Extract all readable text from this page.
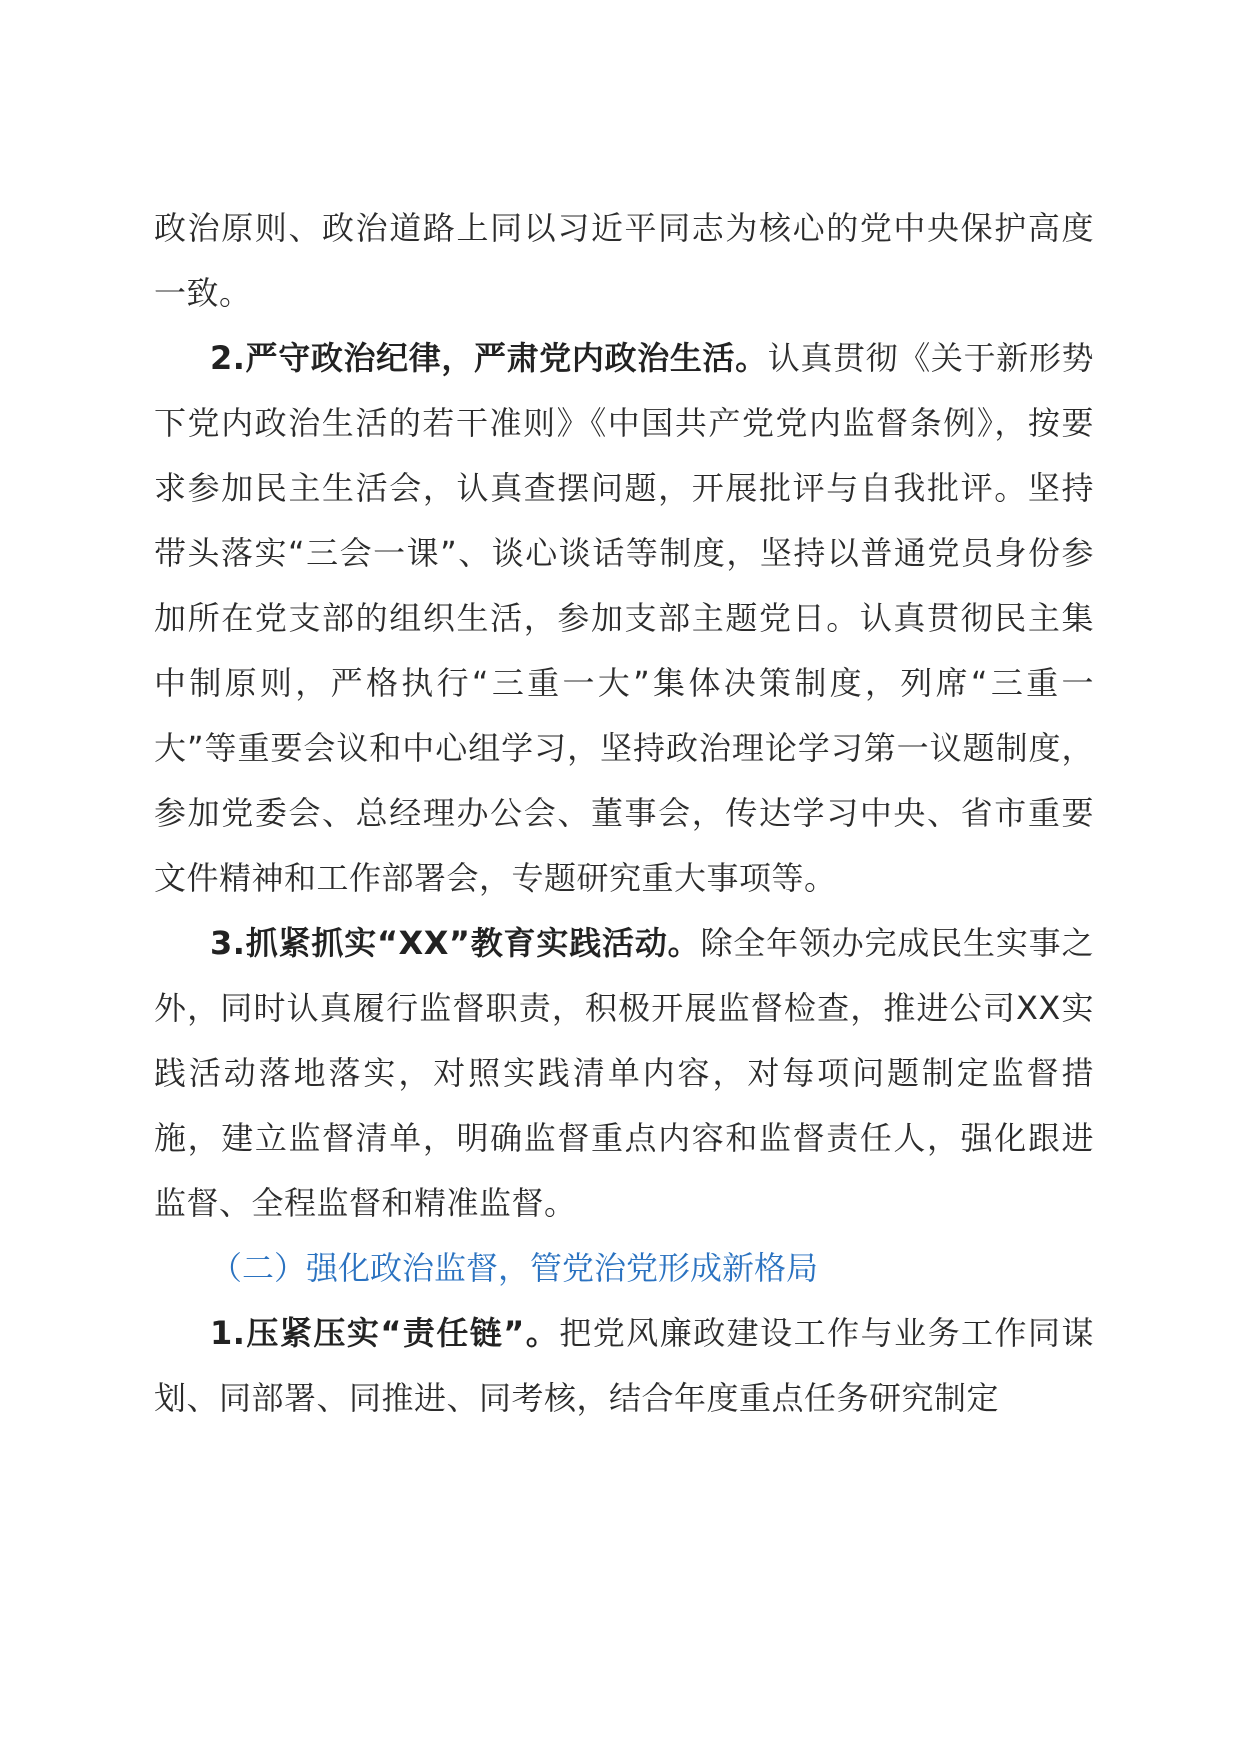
政治原则、政治道路上同以习近平同志为核心的党中央保护高度一致。

2.严守政治纪律，严肃党内政治生活。认真贯彻《关于新形势下党内政治生活的若干准则》《中国共产党党内监督条例》，按要求参加民主生活会，认真查摆问题，开展批评与自我批评。坚持带头落实“三会一课”、谈心谈话等制度，坚持以普通党员身份参加所在党支部的组织生活，参加支部主题党日。认真贯彻民主集中制原则，严格执行“三重一大”集体决策制度，列席“三重一大”等重要会议和中心组学习，坚持政治理论学习第一议题制度，参加党委会、总经理办公会、董事会，传达学习中央、省市重要文件精神和工作部署会，专题研究重大事项等。

3.抓紧抓实“XX”教育实践活动。除全年领办完成民生实事之外，同时认真履行监督职责，积极开展监督检查，推进公司XX实践活动落地落实，对照实践清单内容，对每项问题制定监督措施，建立监督清单，明确监督重点内容和监督责任人，强化跟进监督、全程监督和精准监督。

（二）强化政治监督，管党治党形成新格局

1.压紧压实“责任链”。把党风廉政建设工作与业务工作同谋划、同部署、同推进、同考核，结合年度重点任务研究制定
